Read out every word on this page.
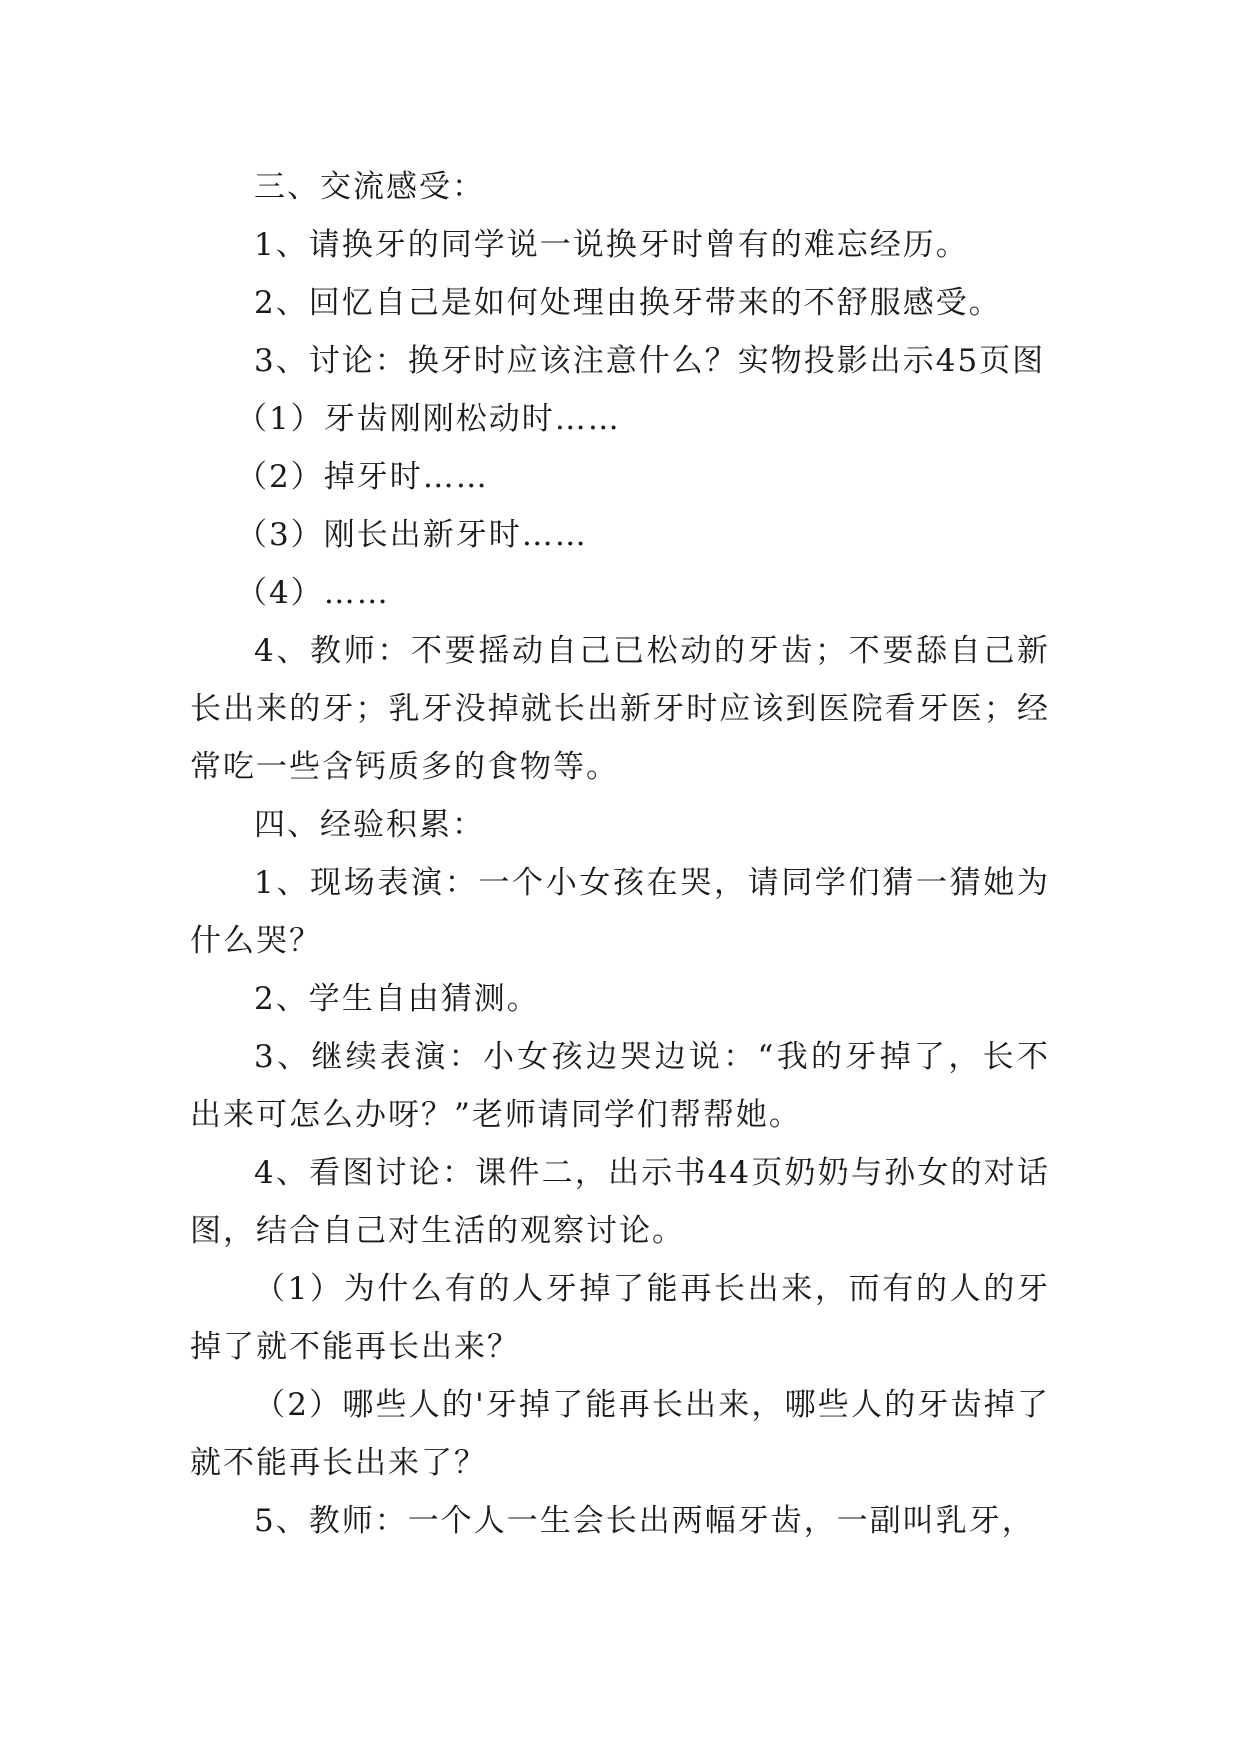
三、交流感受：

1、请换牙的同学说一说换牙时曾有的难忘经历。

2、回忆自己是如何处理由换牙带来的不舒服感受。

3、讨论：换牙时应该注意什么？实物投影出示45页图

（1）牙齿刚刚松动时……

（2）掉牙时……

（3）刚长出新牙时……

（4）……

4、教师：不要摇动自己已松动的牙齿；不要舔自己新长出来的牙；乳牙没掉就长出新牙时应该到医院看牙医；经常吃一些含钙质多的食物等。

四、经验积累：

1、现场表演：一个小女孩在哭，请同学们猜一猜她为什么哭？

2、学生自由猜测。

3、继续表演：小女孩边哭边说：“我的牙掉了，长不出来可怎么办呀？”老师请同学们帮帮她。

4、看图讨论：课件二，出示书44页奶奶与孙女的对话图，结合自己对生活的观察讨论。

（1）为什么有的人牙掉了能再长出来，而有的人的牙掉了就不能再长出来？

（2）哪些人的'牙掉了能再长出来，哪些人的牙齿掉了就不能再长出来了？

5、教师：一个人一生会长出两幅牙齿，一副叫乳牙，
